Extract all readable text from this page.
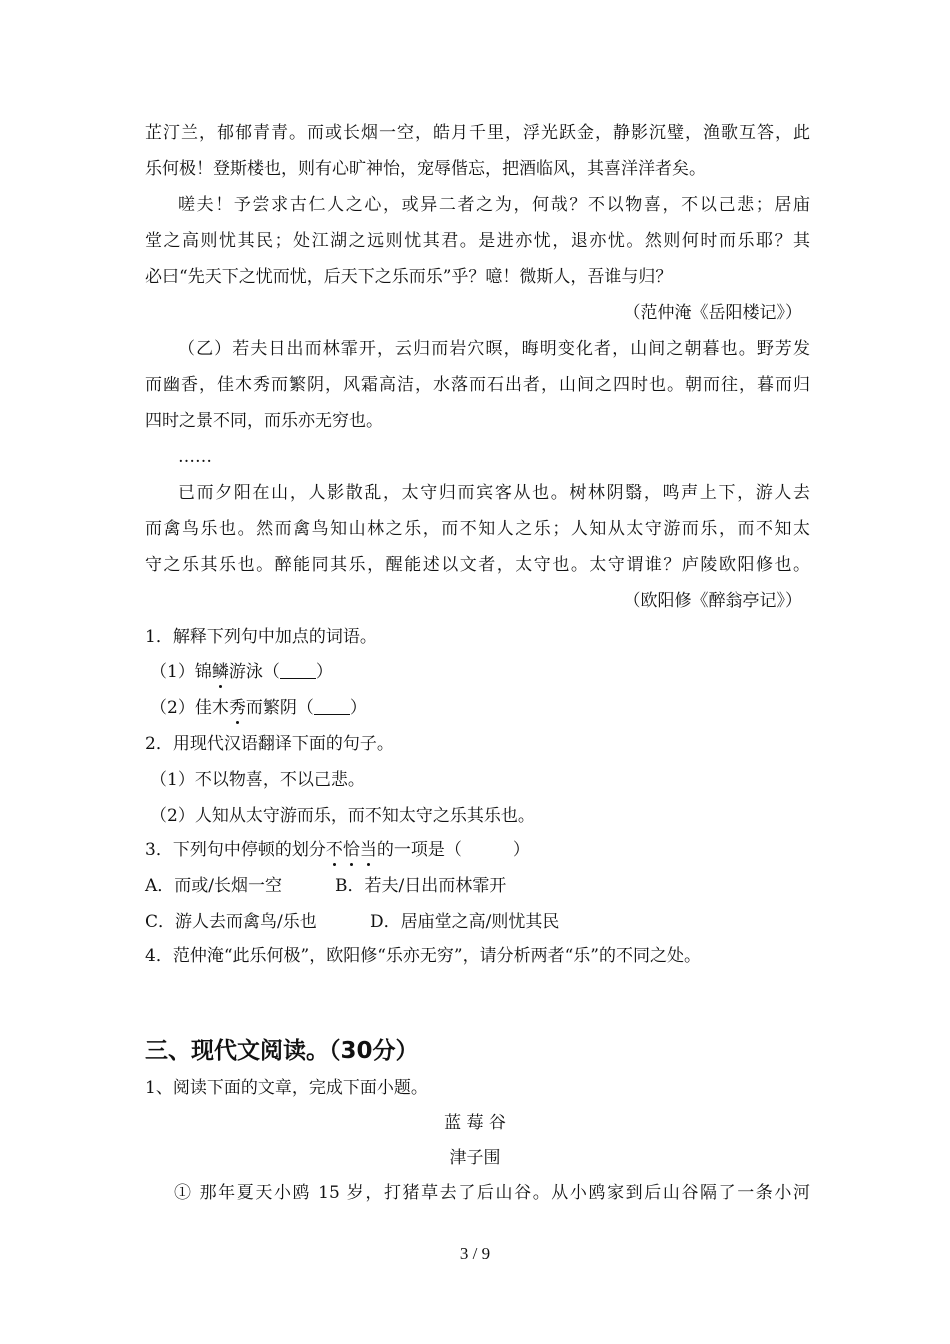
芷汀兰，郁郁青青。而或长烟一空，皓月千里，浮光跃金，静影沉璧，渔歌互答，此
乐何极！登斯楼也，则有心旷神怡，宠辱偕忘，把酒临风，其喜洋洋者矣。
嗟夫！予尝求古仁人之心，或异二者之为，何哉？不以物喜，不以己悲；居庙
堂之高则忧其民；处江湖之远则忧其君。是进亦忧，退亦忧。然则何时而乐耶？其
必曰“先天下之忧而忧，后天下之乐而乐”乎？噫！微斯人，吾谁与归？
（范仲淹《岳阳楼记》）
（乙）若夫日出而林霏开，云归而岩穴暝，晦明变化者，山间之朝暮也。野芳发
而幽香，佳木秀而繁阴，风霜高洁，水落而石出者，山间之四时也。朝而往，暮而归
四时之景不同，而乐亦无穷也。
……
已而夕阳在山，人影散乱，太守归而宾客从也。树林阴翳，鸣声上下，游人去
而禽鸟乐也。然而禽鸟知山林之乐，而不知人之乐；人知从太守游而乐，而不知太
守之乐其乐也。醉能同其乐，醒能述以文者，太守也。太守谓谁？庐陵欧阳修也。
（欧阳修《醉翁亭记》）
1．解释下列句中加点的词语。
（1）锦鳞游泳（ ）
（2）佳木秀而繁阴（ ）
2．用现代汉语翻译下面的句子。
（1）不以物喜，不以己悲。
（2）人知从太守游而乐，而不知太守之乐其乐也。
3．下列句中停顿的划分不恰当的一项是（　　　）
A．而或/长烟一空	B．若夫/日出而林霏开
C．游人去而禽鸟/乐也	D．居庙堂之高/则忧其民
4．范仲淹“此乐何极”，欧阳修“乐亦无穷”，请分析两者“乐”的不同之处。
三、现代文阅读。（30分）
1、阅读下面的文章，完成下面小题。
蓝 莓 谷
津子围
① 那年夏天小鸥 15 岁，打猪草去了后山谷。从小鸥家到后山谷隔了一条小河
3 / 9
